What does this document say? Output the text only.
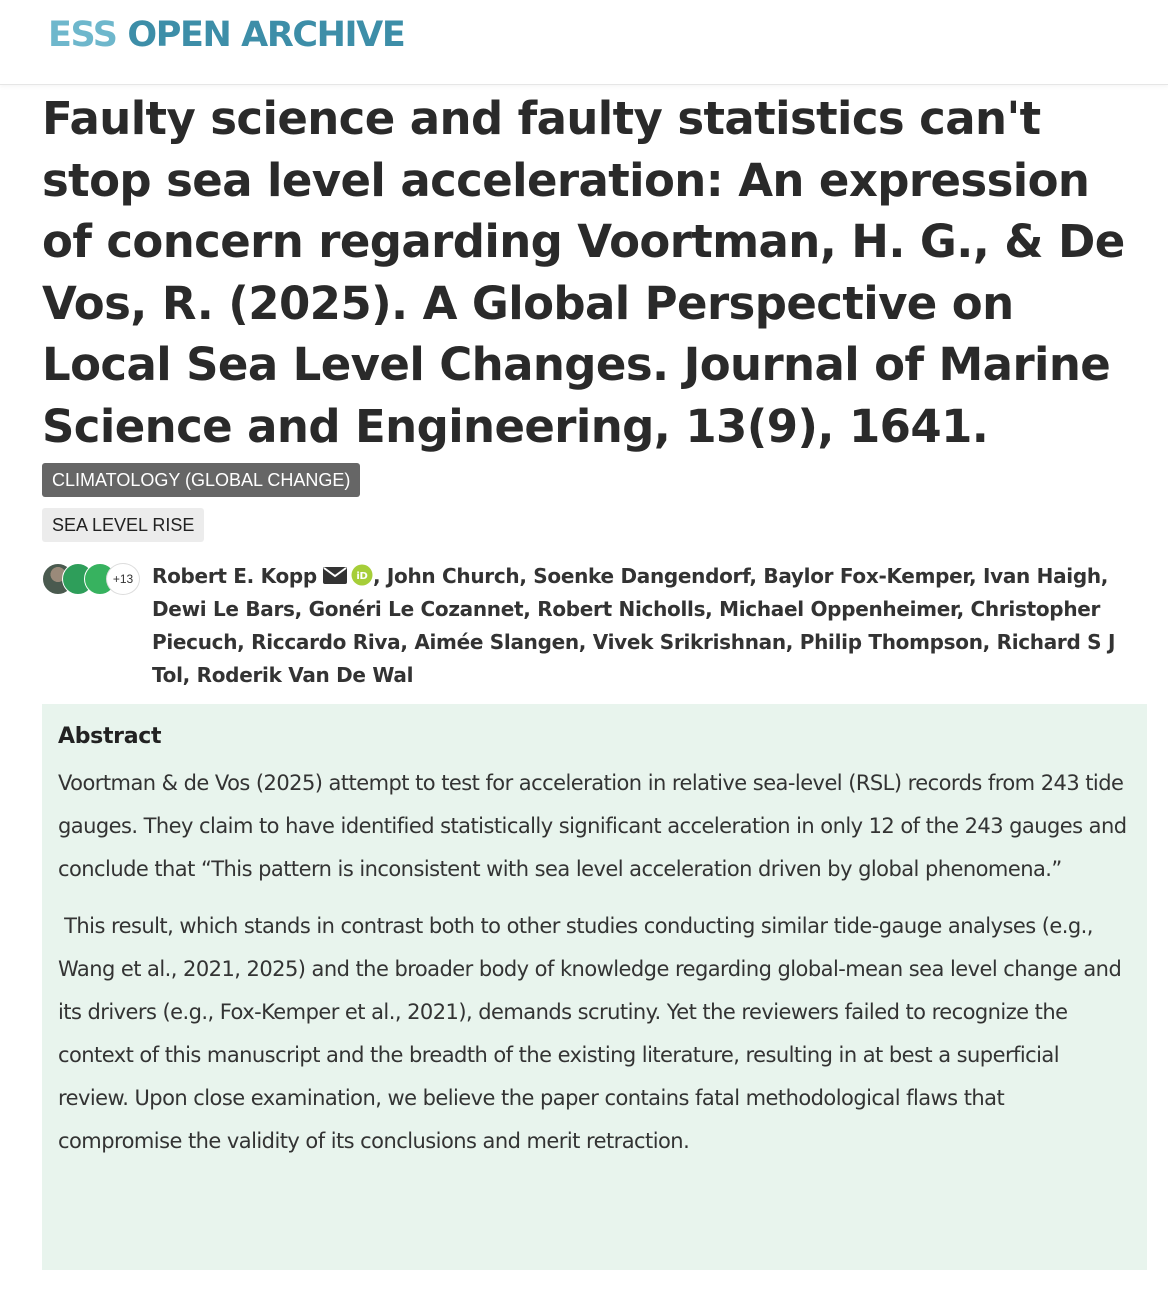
ESS OPEN ARCHIVE
Faulty science and faulty statistics can't stop sea level acceleration: An expression of concern regarding Voortman, H. G., & De Vos, R. (2025). A Global Perspective on Local Sea Level Changes. Journal of Marine Science and Engineering, 13(9), 1641.
CLIMATOLOGY (GLOBAL CHANGE)
SEA LEVEL RISE
+13 Robert E. Kopp	iD , John Church, Soenke Dangendorf, Baylor Fox-Kemper, Ivan Haigh, Dewi Le Bars, Gonéri Le Cozannet, Robert Nicholls, Michael Oppenheimer, Christopher Piecuch, Riccardo Riva, Aimée Slangen, Vivek Srikrishnan, Philip Thompson, Richard S J Tol, Roderik Van De Wal
Abstract

Voortman & de Vos (2025) attempt to test for acceleration in relative sea-level (RSL) records from 243 tide gauges. They claim to have identified statistically significant acceleration in only 12 of the 243 gauges and conclude that “This pattern is inconsistent with sea level acceleration driven by global phenomena.”

This result, which stands in contrast both to other studies conducting similar tide-gauge analyses (e.g., Wang et al., 2021, 2025) and the broader body of knowledge regarding global-mean sea level change and its drivers (e.g., Fox-Kemper et al., 2021), demands scrutiny. Yet the reviewers failed to recognize the context of this manuscript and the breadth of the existing literature, resulting in at best a superficial review. Upon close examination, we believe the paper contains fatal methodological flaws that compromise the validity of its conclusions and merit retraction.
